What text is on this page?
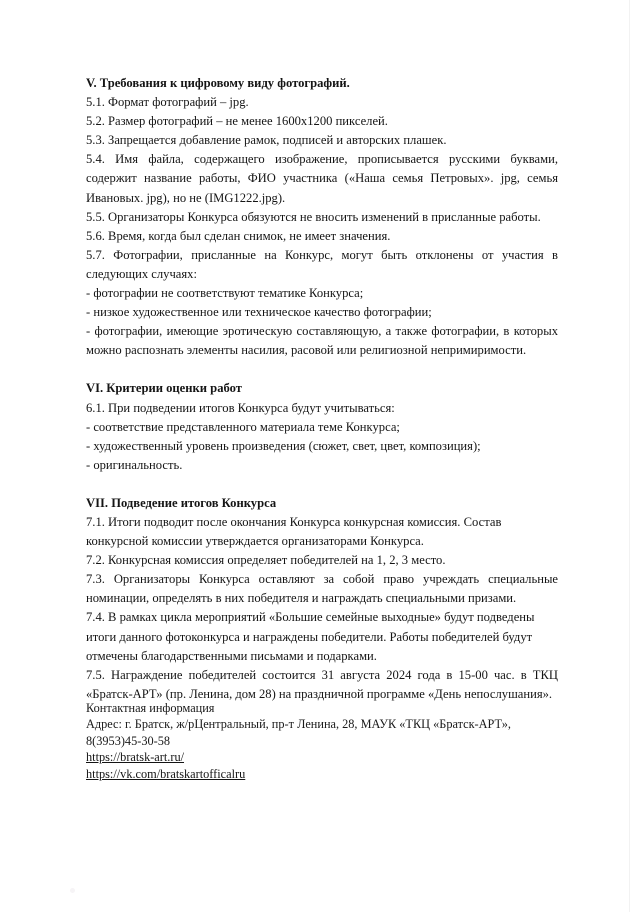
V. Требования к цифровому виду фотографий.
5.1. Формат фотографий – jpg.
5.2. Размер фотографий – не менее 1600х1200 пикселей.
5.3. Запрещается добавление рамок, подписей и авторских плашек.
5.4. Имя файла, содержащего изображение, прописывается русскими буквами, содержит название работы, ФИО участника («Наша семья Петровых». jpg, семья Ивановых. jpg), но не (IMG1222.jpg).
5.5. Организаторы Конкурса обязуются не вносить изменений в присланные работы.
5.6. Время, когда был сделан снимок, не имеет значения.
5.7. Фотографии, присланные на Конкурс, могут быть отклонены от участия в следующих случаях:
- фотографии не соответствуют тематике Конкурса;
- низкое художественное или техническое качество фотографии;
- фотографии, имеющие эротическую составляющую, а также фотографии, в которых можно распознать элементы насилия, расовой или религиозной непримиримости.
VI. Критерии оценки работ
6.1. При подведении итогов Конкурса будут учитываться:
- соответствие представленного материала теме Конкурса;
- художественный уровень произведения (сюжет, свет, цвет, композиция);
- оригинальность.
VII. Подведение итогов Конкурса
7.1. Итоги подводит после окончания Конкурса конкурсная комиссия. Состав конкурсной комиссии утверждается организаторами Конкурса.
7.2. Конкурсная комиссия определяет победителей на 1, 2, 3 место.
7.3. Организаторы Конкурса оставляют за собой право учреждать специальные номинации, определять в них победителя и награждать специальными призами.
7.4. В рамках цикла мероприятий «Большие семейные выходные» будут подведены итоги данного фотоконкурса и награждены победители. Работы победителей будут отмечены благодарственными письмами и подарками.
7.5. Награждение победителей состоится 31 августа 2024 года в 15-00 час. в ТКЦ «Братск-АРТ» (пр. Ленина, дом 28) на праздничной программе «День непослушания».
Контактная информация
Адрес: г. Братск, ж/рЦентральный, пр-т Ленина, 28, МАУК «ТКЦ «Братск-АРТ»,
8(3953)45-30-58
https://bratsk-art.ru/
https://vk.com/bratskartofficalru
